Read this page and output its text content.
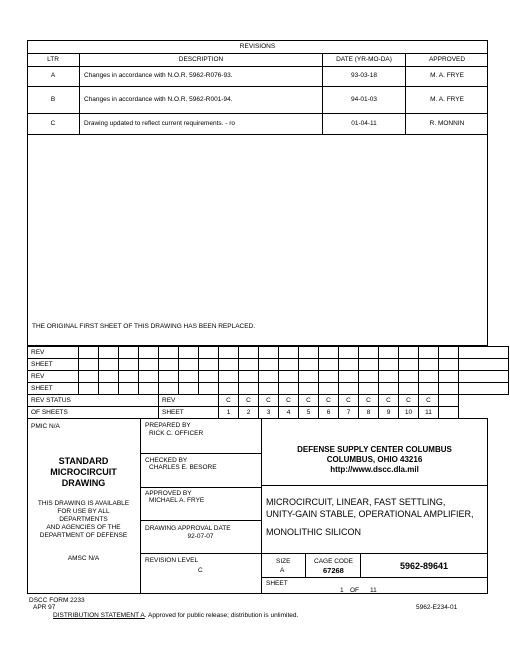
REVISIONS
LTR	DESCRIPTION	DATE (YR-MO-DA)	APPROVED
A	Changes in accordance with N.O.R. 5962-R076-93.	93-03-18	M. A. FRYE
B	Changes in accordance with N.O.R. 5962-R001-94.	94-01-03	M. A. FRYE
C	Drawing updated to reflect current requirements. - ro	01-04-11	R. MONNIN
THE ORIGINAL FIRST SHEET OF THIS DRAWING HAS BEEN REPLACED.
REV																				
SHEET																				
REV																				
SHEET																				
REV STATUS					REV			C	C	C	C	C	C	C	C	C	C	C		
OF SHEETS					SHEET			1	2	3	4	5	6	7	8	9	10	11		
PMIC N/A
STANDARD
MICROCIRCUIT
DRAWING
THIS DRAWING IS AVAILABLE
FOR USE BY ALL
DEPARTMENTS
AND AGENCIES OF THE
DEPARTMENT OF DEFENSE
AMSC N/A
PREPARED BY
RICK C. OFFICER
CHECKED BY
CHARLES E. BESORE
APPROVED BY
MICHAEL A. FRYE
DRAWING APPROVAL DATE
92-07-07
REVISION LEVEL
C
DEFENSE SUPPLY CENTER COLUMBUS
COLUMBUS, OHIO 43216
http://www.dscc.dla.mil
MICROCIRCUIT, LINEAR, FAST SETTLING,
UNITY-GAIN STABLE, OPERATIONAL AMPLIFIER,
MONOLITHIC SILICON
SIZE
A
CAGE CODE
67268	5962-89641
SHEET
1 OF 11
DSCC FORM 2233
APR 97
DISTRIBUTION STATEMENT A. Approved for public release; distribution is unlimited.
5962-E234-01
